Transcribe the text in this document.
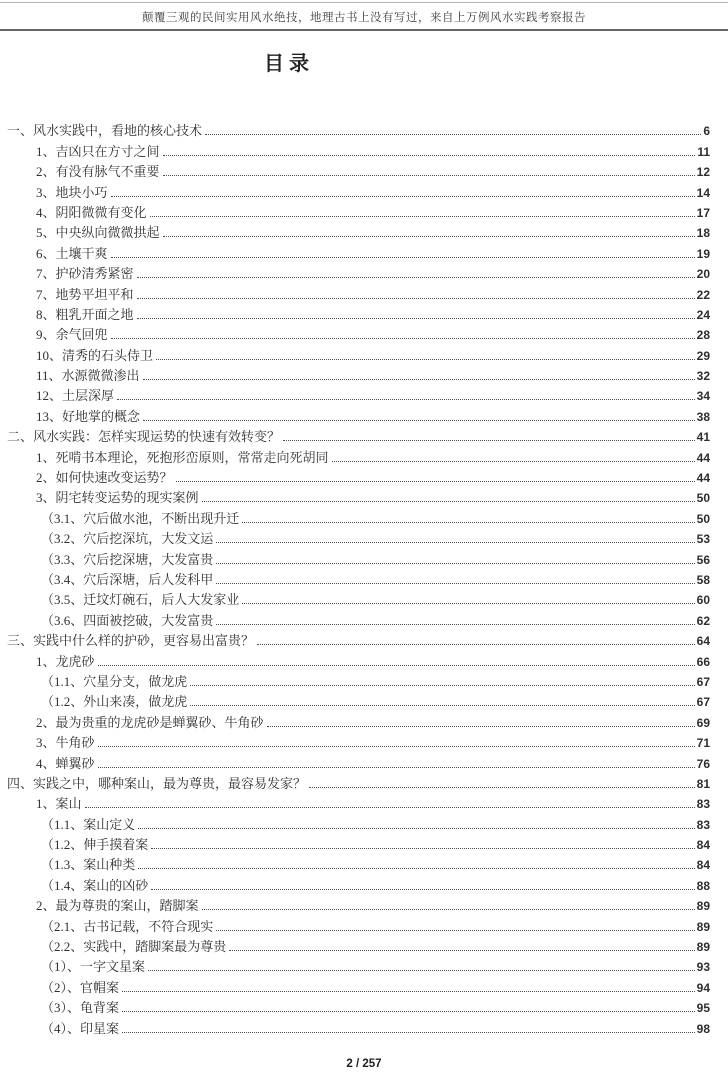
颠覆三观的民间实用风水绝技，地理古书上没有写过，来自上万例风水实践考察报告
目录
一、风水实践中，看地的核心技术	6
1、吉凶只在方寸之间	11
2、有没有脉气不重要	12
3、地块小巧	14
4、阴阳微微有变化	17
5、中央纵向微微拱起	18
6、土壤干爽	19
7、护砂清秀紧密	20
7、地势平坦平和	22
8、粗乳开面之地	24
9、余气回兜	28
10、清秀的石头侍卫	29
11、水源微微渗出	32
12、土层深厚	34
13、好地掌的概念	38
二、风水实践：怎样实现运势的快速有效转变？	41
1、死啃书本理论，死抱形峦原则，常常走向死胡同	44
2、如何快速改变运势？	44
3、阴宅转变运势的现实案例	50
（3.1、穴后做水池，不断出现升迁	50
（3.2、穴后挖深坑，大发文运	53
（3.3、穴后挖深塘，大发富贵	56
（3.4、穴后深塘，后人发科甲	58
（3.5、迁坟灯碗石，后人大发家业	60
（3.6、四面被挖破，大发富贵	62
三、实践中什么样的护砂，更容易出富贵？	64
1、龙虎砂	66
（1.1、穴星分支，做龙虎	67
（1.2、外山来凑，做龙虎	67
2、最为贵重的龙虎砂是蝉翼砂、牛角砂	69
3、牛角砂	71
4、蝉翼砂	76
四、实践之中，哪种案山，最为尊贵，最容易发家？	81
1、案山	83
（1.1、案山定义	83
（1.2、伸手摸着案	84
（1.3、案山种类	84
（1.4、案山的凶砂	88
2、最为尊贵的案山，踏脚案	89
（2.1、古书记载，不符合现实	89
（2.2、实践中，踏脚案最为尊贵	89
（1）、一字文星案	93
（2）、官帽案	94
（3）、龟背案	95
（4）、印星案	98
2 / 257
